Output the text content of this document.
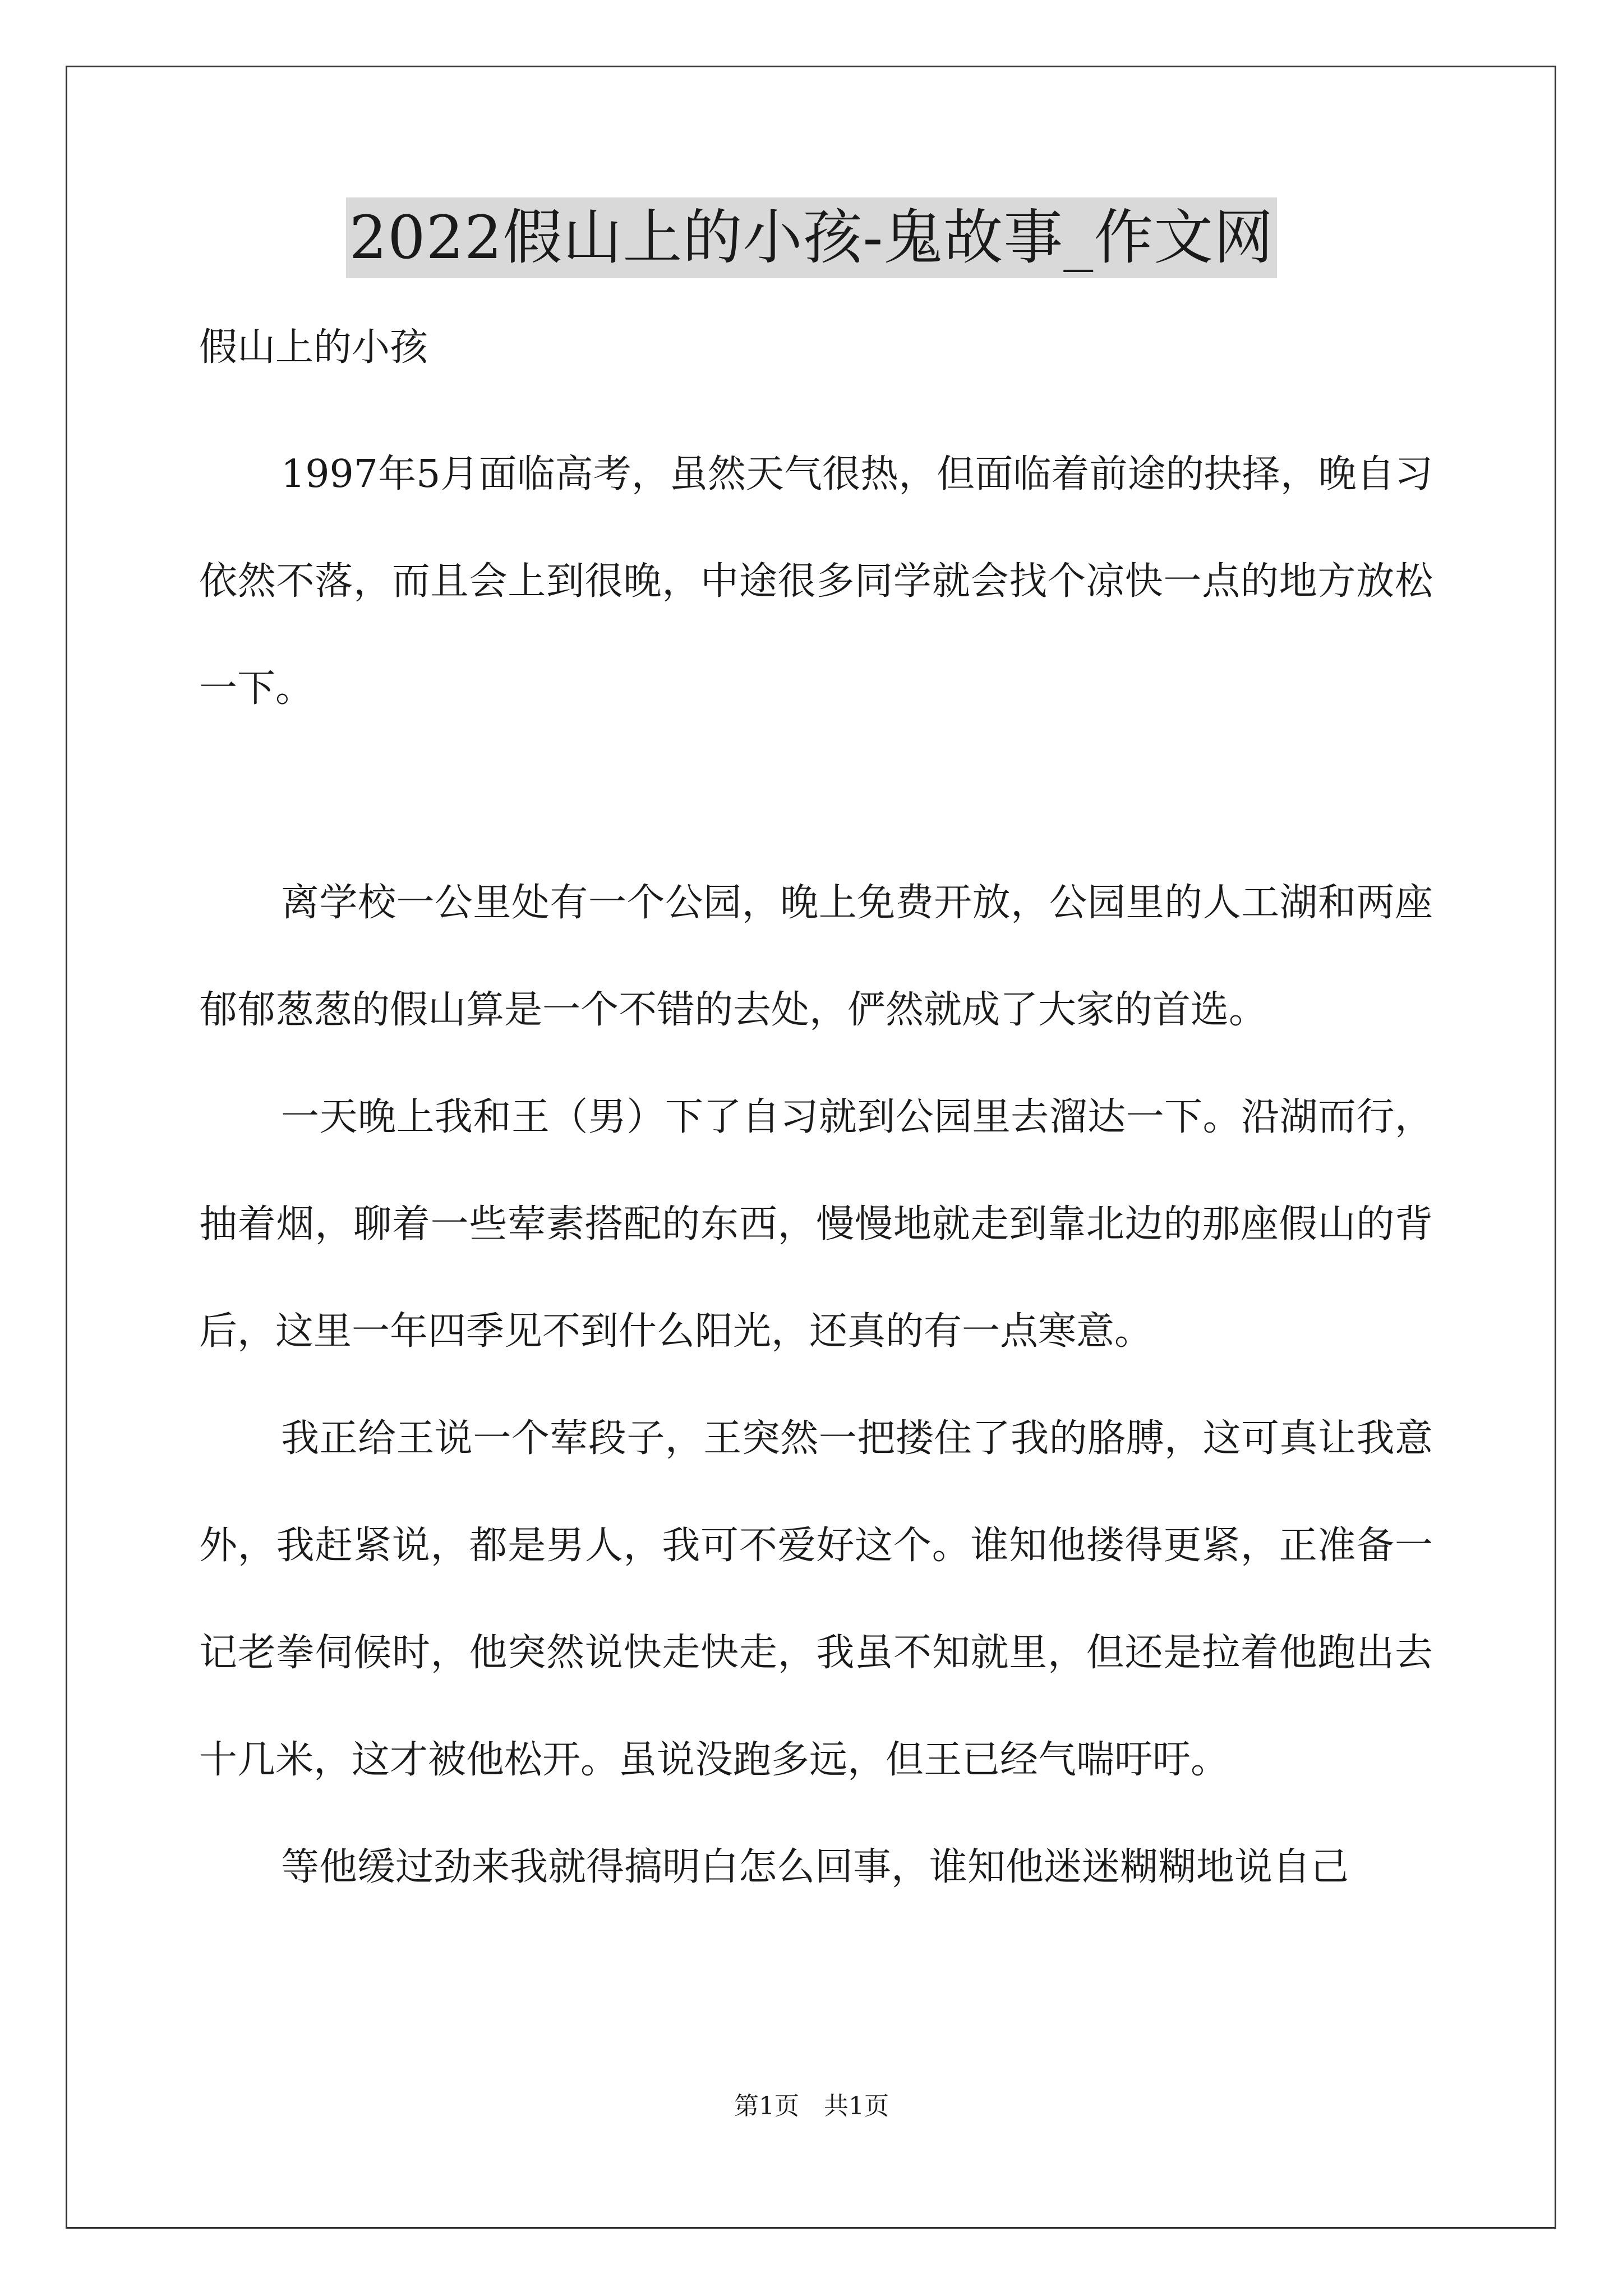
2022假山上的小孩-鬼故事_作文网

假山上的小孩

1997年5月面临高考，虽然天气很热，但面临着前途的抉择，晚自习依然不落，而且会上到很晚，中途很多同学就会找个凉快一点的地方放松一下。

离学校一公里处有一个公园，晚上免费开放，公园里的人工湖和两座郁郁葱葱的假山算是一个不错的去处，俨然就成了大家的首选。

一天晚上我和王（男）下了自习就到公园里去溜达一下。沿湖而行，抽着烟，聊着一些荤素搭配的东西，慢慢地就走到靠北边的那座假山的背后，这里一年四季见不到什么阳光，还真的有一点寒意。

我正给王说一个荤段子，王突然一把搂住了我的胳膊，这可真让我意外，我赶紧说，都是男人，我可不爱好这个。谁知他搂得更紧，正准备一记老拳伺候时，他突然说快走快走，我虽不知就里，但还是拉着他跑出去十几米，这才被他松开。虽说没跑多远，但王已经气喘吁吁。

等他缓过劲来我就得搞明白怎么回事，谁知他迷迷糊糊地说自己

第1页　共1页
